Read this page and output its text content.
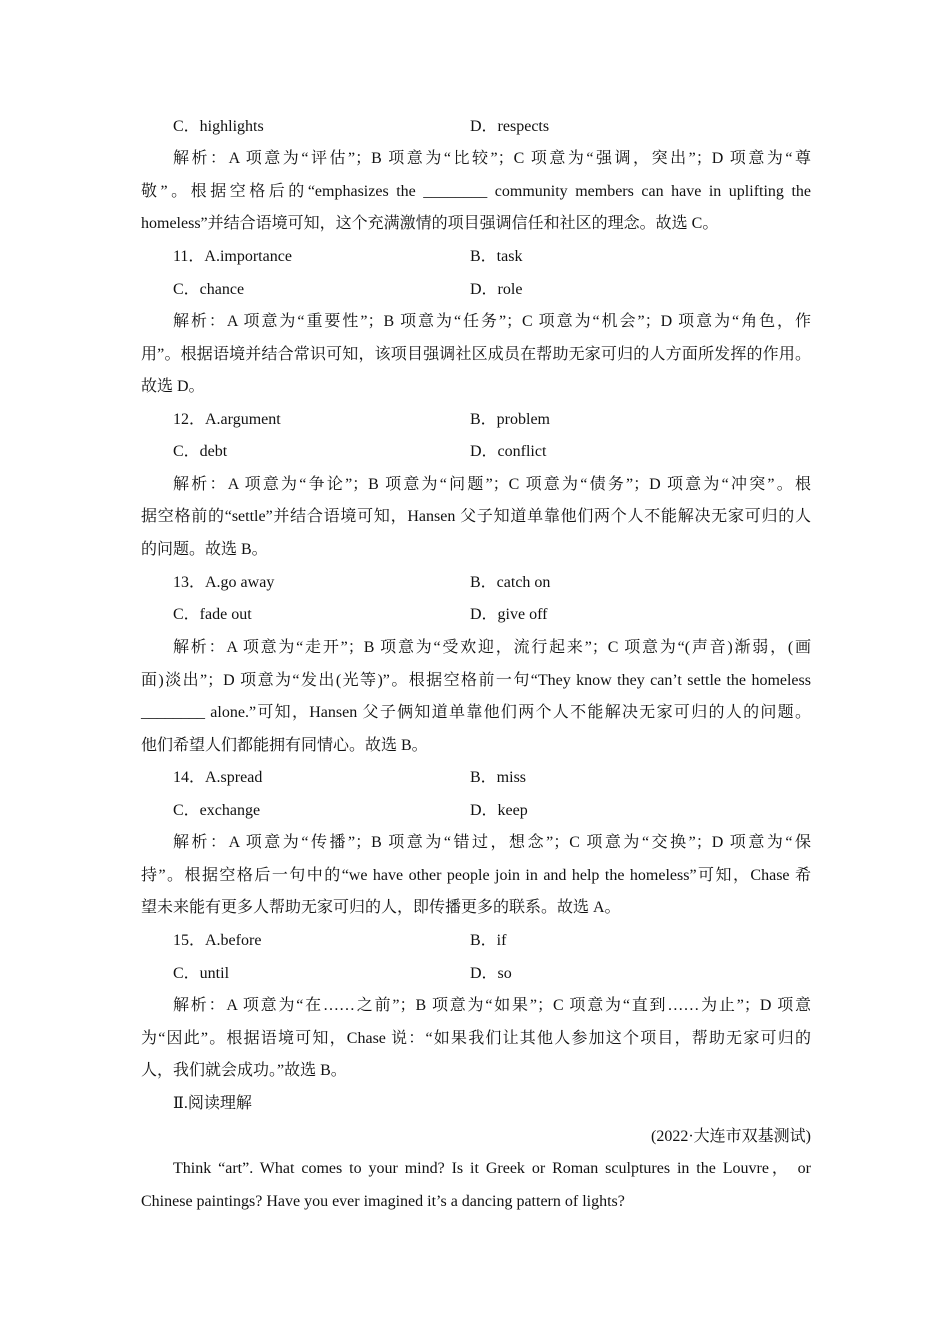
C．highlights	D．respects
解析：A 项意为“评估”；B 项意为“比较”；C 项意为“强调，突出”；D 项意为“尊
敬”。根据空格后的“emphasizes the ________ community members can have in uplifting the
homeless”并结合语境可知，这个充满激情的项目强调信任和社区的理念。故选 C。
11．A.importance	B．task
C．chance	D．role
解析：A 项意为“重要性”；B 项意为“任务”；C 项意为“机会”；D 项意为“角色，作
用”。根据语境并结合常识可知，该项目强调社区成员在帮助无家可归的人方面所发挥的作用。
故选 D。
12．A.argument	B．problem
C．debt	D．conflict
解析：A 项意为“争论”；B 项意为“问题”；C 项意为“债务”；D 项意为“冲突”。根
据空格前的“settle”并结合语境可知，Hansen 父子知道单靠他们两个人不能解决无家可归的人
的问题。故选 B。
13．A.go away	B．catch on
C．fade out	D．give off
解析：A 项意为“走开”；B 项意为“受欢迎，流行起来”；C 项意为“(声音)渐弱，(画
面)淡出”；D 项意为“发出(光等)”。根据空格前一句“They know they can’t settle the homeless
________ alone.”可知，Hansen 父子俩知道单靠他们两个人不能解决无家可归的人的问题。
他们希望人们都能拥有同情心。故选 B。
14．A.spread	B．miss
C．exchange	D．keep
解析：A 项意为“传播”；B 项意为“错过，想念”；C 项意为“交换”；D 项意为“保
持”。根据空格后一句中的“we have other people join in and help the homeless”可知，Chase 希
望未来能有更多人帮助无家可归的人，即传播更多的联系。故选 A。
15．A.before	B．if
C．until	D．so
解析：A 项意为“在……之前”；B 项意为“如果”；C 项意为“直到……为止”；D 项意
为“因此”。根据语境可知，Chase 说：“如果我们让其他人参加这个项目，帮助无家可归的
人，我们就会成功。”故选 B。
Ⅱ.阅读理解
(2022·大连市双基测试)
Think “art”. What comes to your mind? Is it Greek or Roman sculptures in the Louvre， or
Chinese paintings? Have you ever imagined it’s a dancing pattern of lights?
